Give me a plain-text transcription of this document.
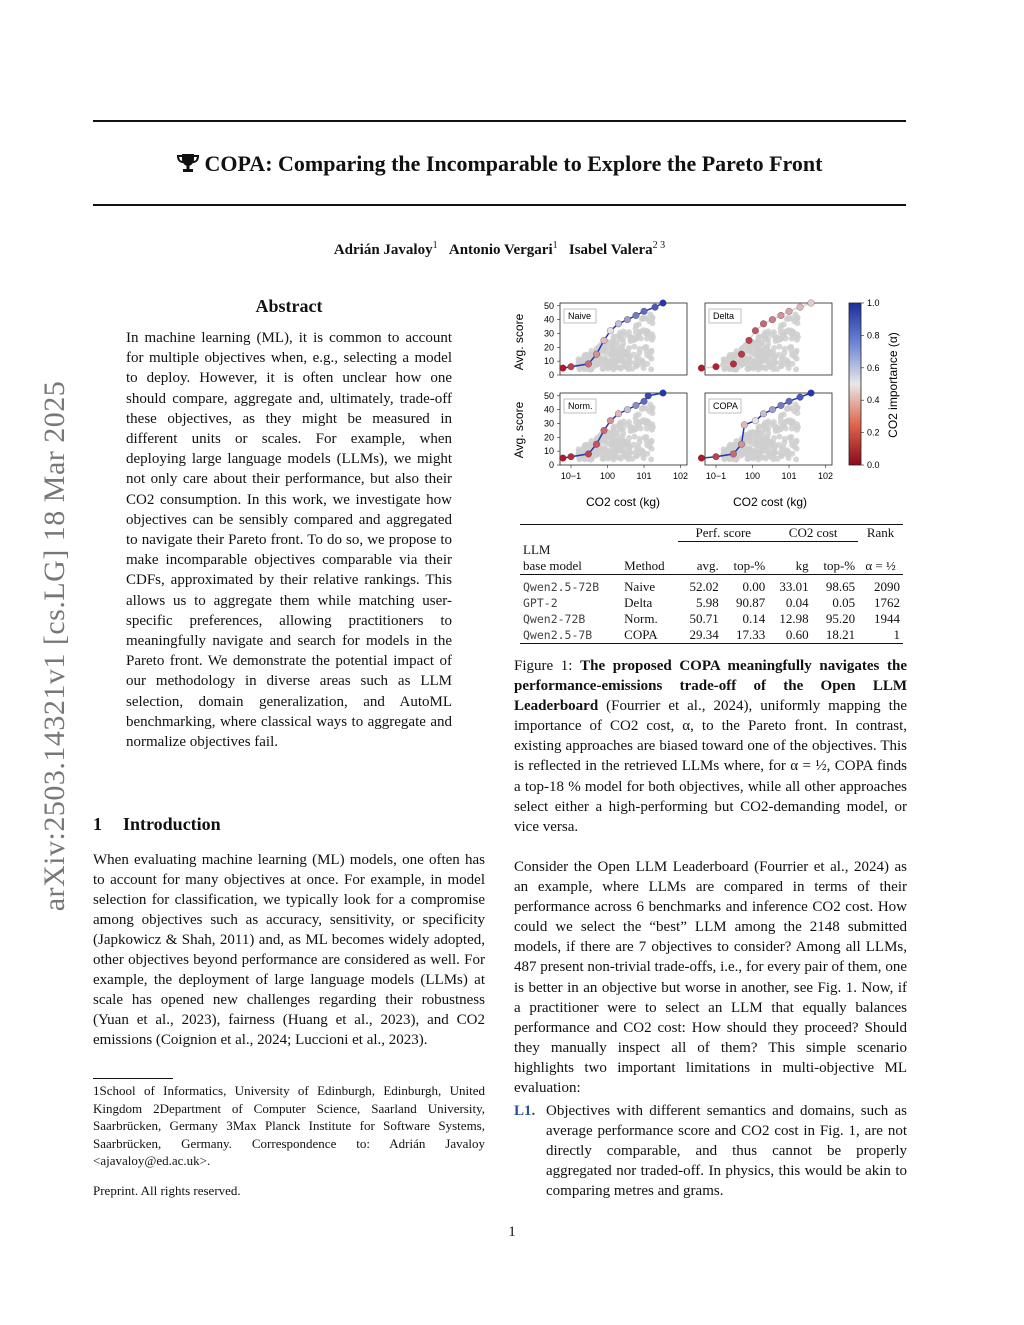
COPA: Comparing the Incomparable to Explore the Pareto Front
Adrián Javaloy$^1$ Antonio Vergari$^1$ Isabel Valera$^{2 3}$
arXiv:2503.14321v1 [cs.LG] 18 Mar 2025
Abstract
In machine learning (ML), it is common to account for multiple objectives when, e.g., selecting a model to deploy. However, it is often unclear how one should compare, aggregate and, ultimately, trade-off these objectives, as they might be measured in different units or scales. For example, when deploying large language models (LLMs), we might not only care about their performance, but also their CO2 consumption. In this work, we investigate how objectives can be sensibly compared and aggregated to navigate their Pareto front. To do so, we propose to make incomparable objectives comparable via their CDFs, approximated by their relative rankings. This allows us to aggregate them while matching user-specific preferences, allowing practitioners to meaningfully navigate and search for models in the Pareto front. We demonstrate the potential impact of our methodology in diverse areas such as LLM selection, domain generalization, and AutoML benchmarking, where classical ways to aggregate and normalize objectives fail.
1 Introduction
When evaluating machine learning (ML) models, one often has to account for many objectives at once. For example, in model selection for classification, we typically look for a compromise among objectives such as accuracy, sensitivity, or specificity (Japkowicz & Shah, 2011) and, as ML becomes widely adopted, other objectives beyond performance are considered as well. For example, the deployment of large language models (LLMs) at scale has opened new challenges regarding their robustness (Yuan et al., 2023), fairness (Huang et al., 2023), and CO2 emissions (Coignion et al., 2024; Luccioni et al., 2023).
1School of Informatics, University of Edinburgh, Edinburgh, United Kingdom 2Department of Computer Science, Saarland University, Saarbrücken, Germany 3Max Planck Institute for Software Systems, Saarbrücken, Germany. Correspondence to: Adrián Javaloy <ajavaloy@ed.ac.uk>.
Preprint. All rights reserved.
1
Naive
0
10
20
30
40
50
Delta
Norm.
0
10
20
30
40
50
10−1 100 101 102
COPA
10−1 100 101 102
0.0
0.2
0.4
0.6
0.8
1.0
CO2 importance (α)
Avg. score
Avg. score
CO2 cost (kg)	CO2 cost (kg)
		Perf. score		CO2 cost		Rank
LLM						
base model	Method	avg.	top-%	kg	top-%	α = ½

Qwen2.5-72B	Naive	52.02	0.00	33.01	98.65	2090
GPT-2	Delta	5.98	90.87	0.04	0.05	1762
Qwen2-72B	Norm.	50.71	0.14	12.98	95.20	1944
Qwen2.5-7B	COPA	29.34	17.33	0.60	18.21	1
Figure 1: The proposed COPA meaningfully navigates the performance-emissions trade-off of the Open LLM Leaderboard (Fourrier et al., 2024), uniformly mapping the importance of CO2 cost, α, to the Pareto front. In contrast, existing approaches are biased toward one of the objectives. This is reflected in the retrieved LLMs where, for α = ½, COPA finds a top-18 % model for both objectives, while all other approaches select either a high-performing but CO2-demanding model, or vice versa.
Consider the Open LLM Leaderboard (Fourrier et al., 2024) as an example, where LLMs are compared in terms of their performance across 6 benchmarks and inference CO2 cost. How could we select the “best” LLM among the 2148 submitted models, if there are 7 objectives to consider? Among all LLMs, 487 present non-trivial trade-offs, i.e., for every pair of them, one is better in an objective but worse in another, see Fig. 1. Now, if a practitioner were to select an LLM that equally balances performance and CO2 cost: How should they proceed? Should they manually inspect all of them? This simple scenario highlights two important limitations in multi-objective ML evaluation:
L1. Objectives with different semantics and domains, such as average performance score and CO2 cost in Fig. 1, are not directly comparable, and thus cannot be properly aggregated nor traded-off. In physics, this would be akin to comparing metres and grams.
